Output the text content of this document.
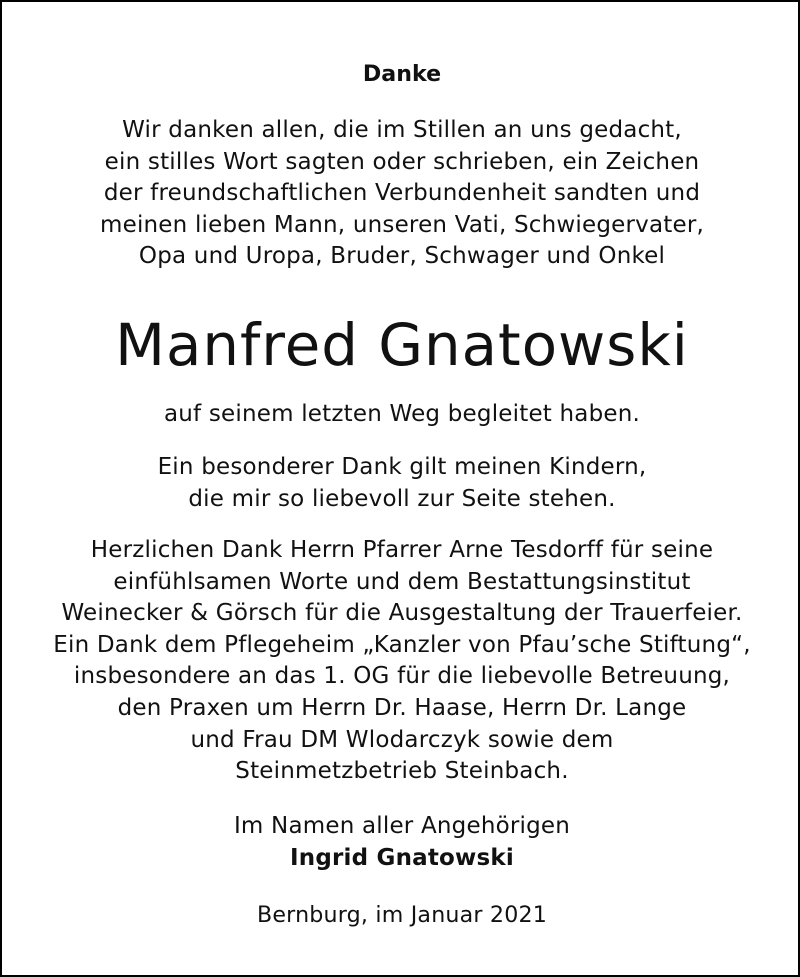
Danke
Wir danken allen, die im Stillen an uns gedacht,
ein stilles Wort sagten oder schrieben, ein Zeichen
der freundschaftlichen Verbundenheit sandten und
meinen lieben Mann, unseren Vati, Schwiegervater,
Opa und Uropa, Bruder, Schwager und Onkel
Manfred Gnatowski
auf seinem letzten Weg begleitet haben.
Ein besonderer Dank gilt meinen Kindern,
die mir so liebevoll zur Seite stehen.
Herzlichen Dank Herrn Pfarrer Arne Tesdorff für seine
einfühlsamen Worte und dem Bestattungsinstitut
Weinecker & Görsch für die Ausgestaltung der Trauerfeier.
Ein Dank dem Pflegeheim „Kanzler von Pfau’sche Stiftung“,
insbesondere an das 1. OG für die liebevolle Betreuung,
den Praxen um Herrn Dr. Haase, Herrn Dr. Lange
und Frau DM Wlodarczyk sowie dem
Steinmetzbetrieb Steinbach.
Im Namen aller Angehörigen
Ingrid Gnatowski
Bernburg, im Januar 2021
